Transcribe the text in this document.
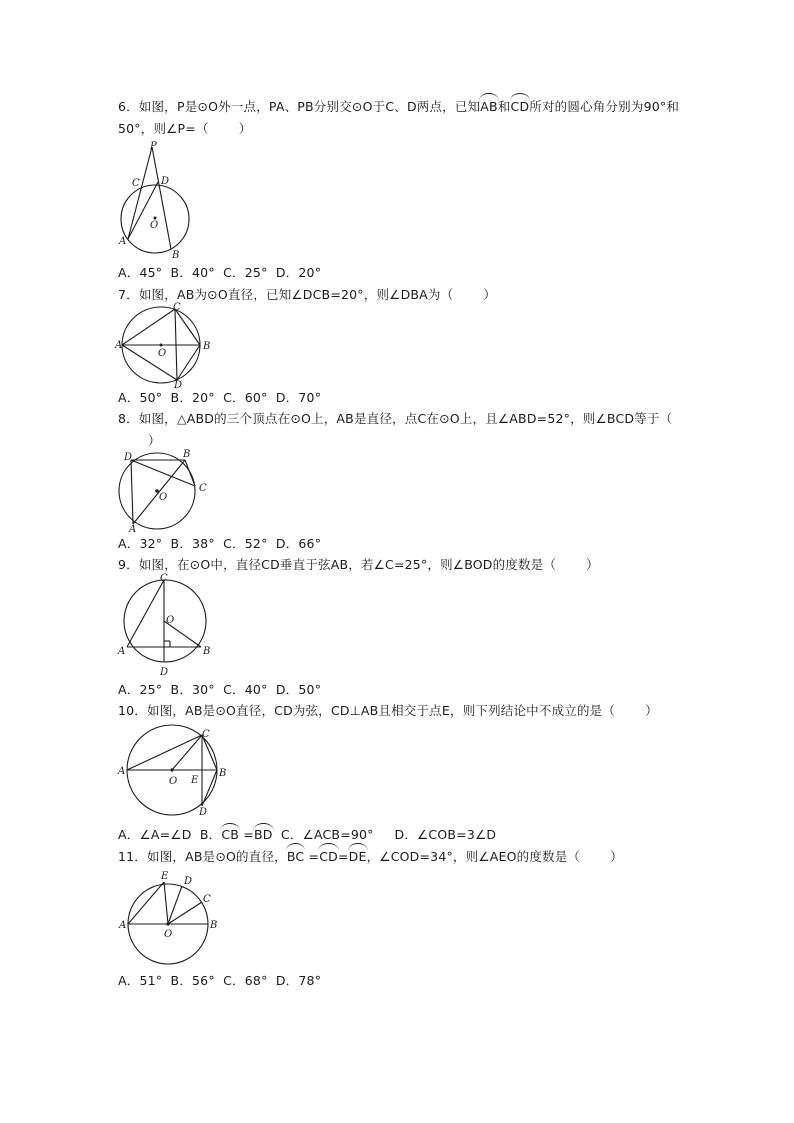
6．如图，P是⊙O外一点，PA、PB分别交⊙O于C、D两点，已知AB和CD所对的圆心角分别为90°和50°，则∠P=（ ）
P
C D
O
A
B
A．45°  B．40°  C．25°  D．20°
7．如图，AB为⊙O直径，已知∠DCB=20°，则∠DBA为（ ）
A	B
C
D
O
A．50°  B．20°  C．60°  D．70°
8．如图，△ABD的三个顶点在⊙O上，AB是直径，点C在⊙O上，且∠ABD=52°，则∠BCD等于（）
D	B
C
O
A
A．32°  B．38°  C．52°  D．66°
9．如图，在⊙O中，直径CD垂直于弦AB，若∠C=25°，则∠BOD的度数是（ ）
C
O
A	B
D
A．25°  B．30°  C．40°  D．50°
10．如图，AB是⊙O直径，CD为弦，CD⊥AB且相交于点E，则下列结论中不成立的是（ ）
A	B
C
D
O E
A．∠A=∠D B．CB =BD C．∠ACB=90° D．∠COB=3∠D
11．如图，AB是⊙O的直径，BC =CD=DE，∠COD=34°，则∠AEO的度数是（ ）
A	B
C
D
E
O
A．51°  B．56°  C．68°  D．78°
